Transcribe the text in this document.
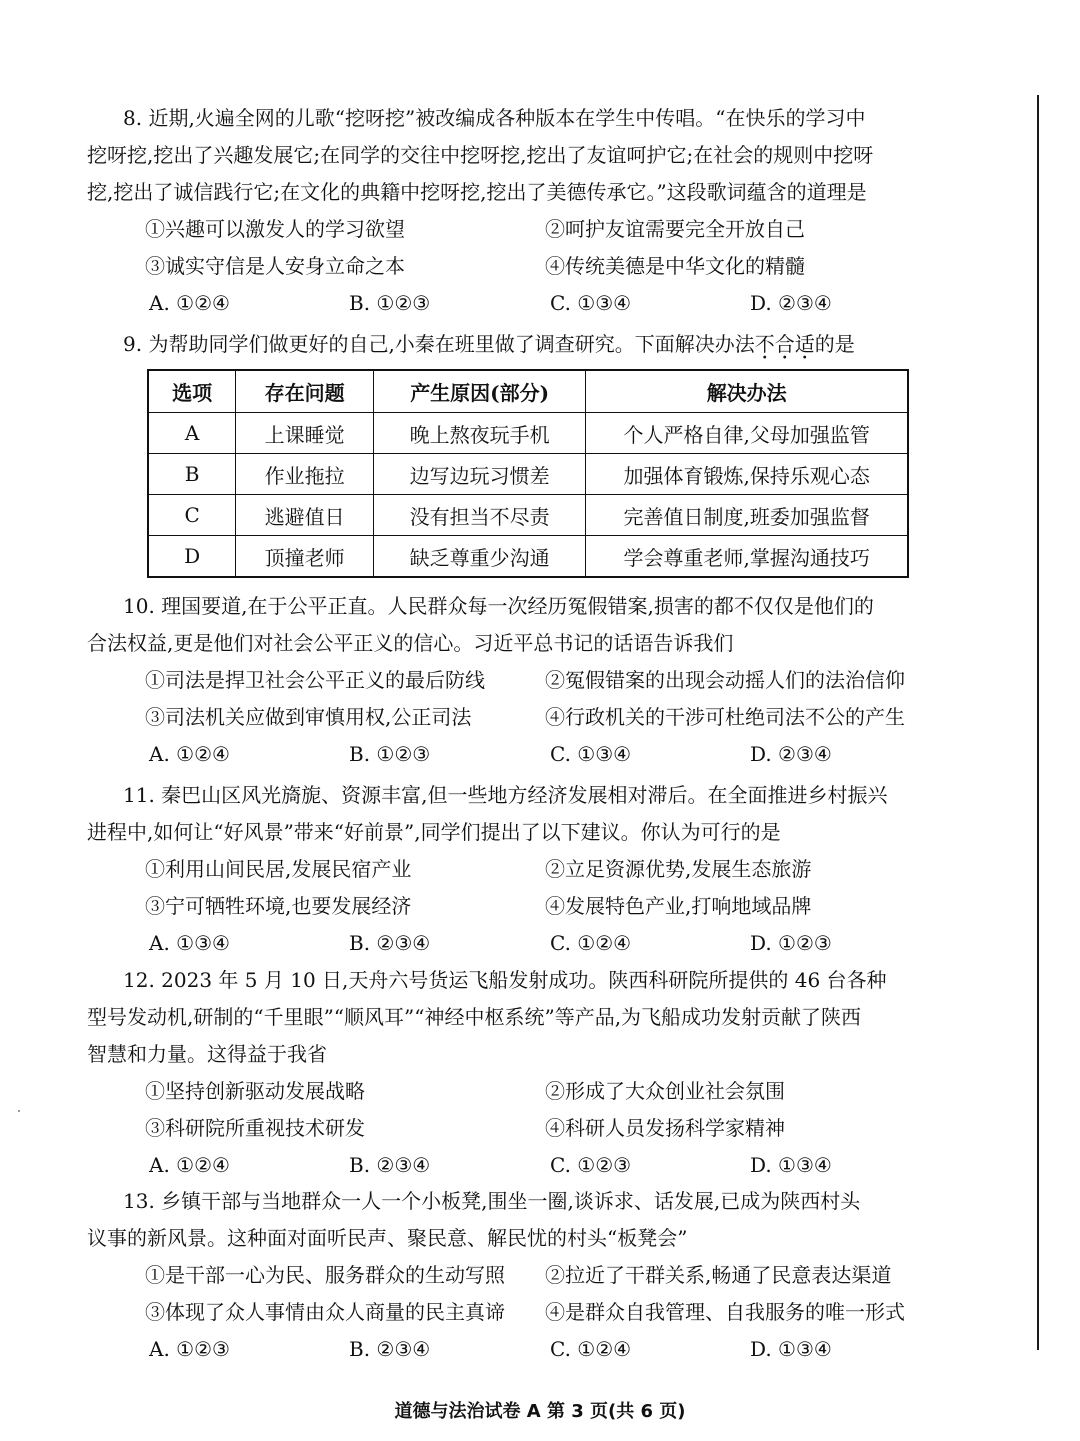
8. 近期,火遍全网的儿歌“挖呀挖”被改编成各种版本在学生中传唱。“在快乐的学习中
挖呀挖,挖出了兴趣发展它;在同学的交往中挖呀挖,挖出了友谊呵护它;在社会的规则中挖呀
挖,挖出了诚信践行它;在文化的典籍中挖呀挖,挖出了美德传承它。”这段歌词蕴含的道理是
①兴趣可以激发人的学习欲望	②呵护友谊需要完全开放自己
③诚实守信是人安身立命之本	④传统美德是中华文化的精髓
A. ①②④	B. ①②③	C. ①③④	D. ②③④
9. 为帮助同学们做更好的自己,小秦在班里做了调查研究。下面解决办法不合适的是
选项	存在问题	产生原因(部分)	解决办法
A	上课睡觉	晚上熬夜玩手机	个人严格自律,父母加强监管
B	作业拖拉	边写边玩习惯差	加强体育锻炼,保持乐观心态
C	逃避值日	没有担当不尽责	完善值日制度,班委加强监督
D	顶撞老师	缺乏尊重少沟通	学会尊重老师,掌握沟通技巧
10. 理国要道,在于公平正直。人民群众每一次经历冤假错案,损害的都不仅仅是他们的
合法权益,更是他们对社会公平正义的信心。习近平总书记的话语告诉我们
①司法是捍卫社会公平正义的最后防线	②冤假错案的出现会动摇人们的法治信仰
③司法机关应做到审慎用权,公正司法	④行政机关的干涉可杜绝司法不公的产生
A. ①②④	B. ①②③	C. ①③④	D. ②③④
11. 秦巴山区风光旖旎、资源丰富,但一些地方经济发展相对滞后。在全面推进乡村振兴
进程中,如何让“好风景”带来“好前景”,同学们提出了以下建议。你认为可行的是
①利用山间民居,发展民宿产业	②立足资源优势,发展生态旅游
③宁可牺牲环境,也要发展经济	④发展特色产业,打响地域品牌
A. ①③④	B. ②③④	C. ①②④	D. ①②③
12. 2023 年 5 月 10 日,天舟六号货运飞船发射成功。陕西科研院所提供的 46 台各种
型号发动机,研制的“千里眼”“顺风耳”“神经中枢系统”等产品,为飞船成功发射贡献了陕西
智慧和力量。这得益于我省
①坚持创新驱动发展战略	②形成了大众创业社会氛围
③科研院所重视技术研发	④科研人员发扬科学家精神
A. ①②④	B. ②③④	C. ①②③	D. ①③④
13. 乡镇干部与当地群众一人一个小板凳,围坐一圈,谈诉求、话发展,已成为陕西村头
议事的新风景。这种面对面听民声、聚民意、解民忧的村头“板凳会”
①是干部一心为民、服务群众的生动写照 ②拉近了干群关系,畅通了民意表达渠道
③体现了众人事情由众人商量的民主真谛 ④是群众自我管理、自我服务的唯一形式
A. ①②③	B. ②③④	C. ①②④	D. ①③④
道德与法治试卷 A 第 3 页(共 6 页)
